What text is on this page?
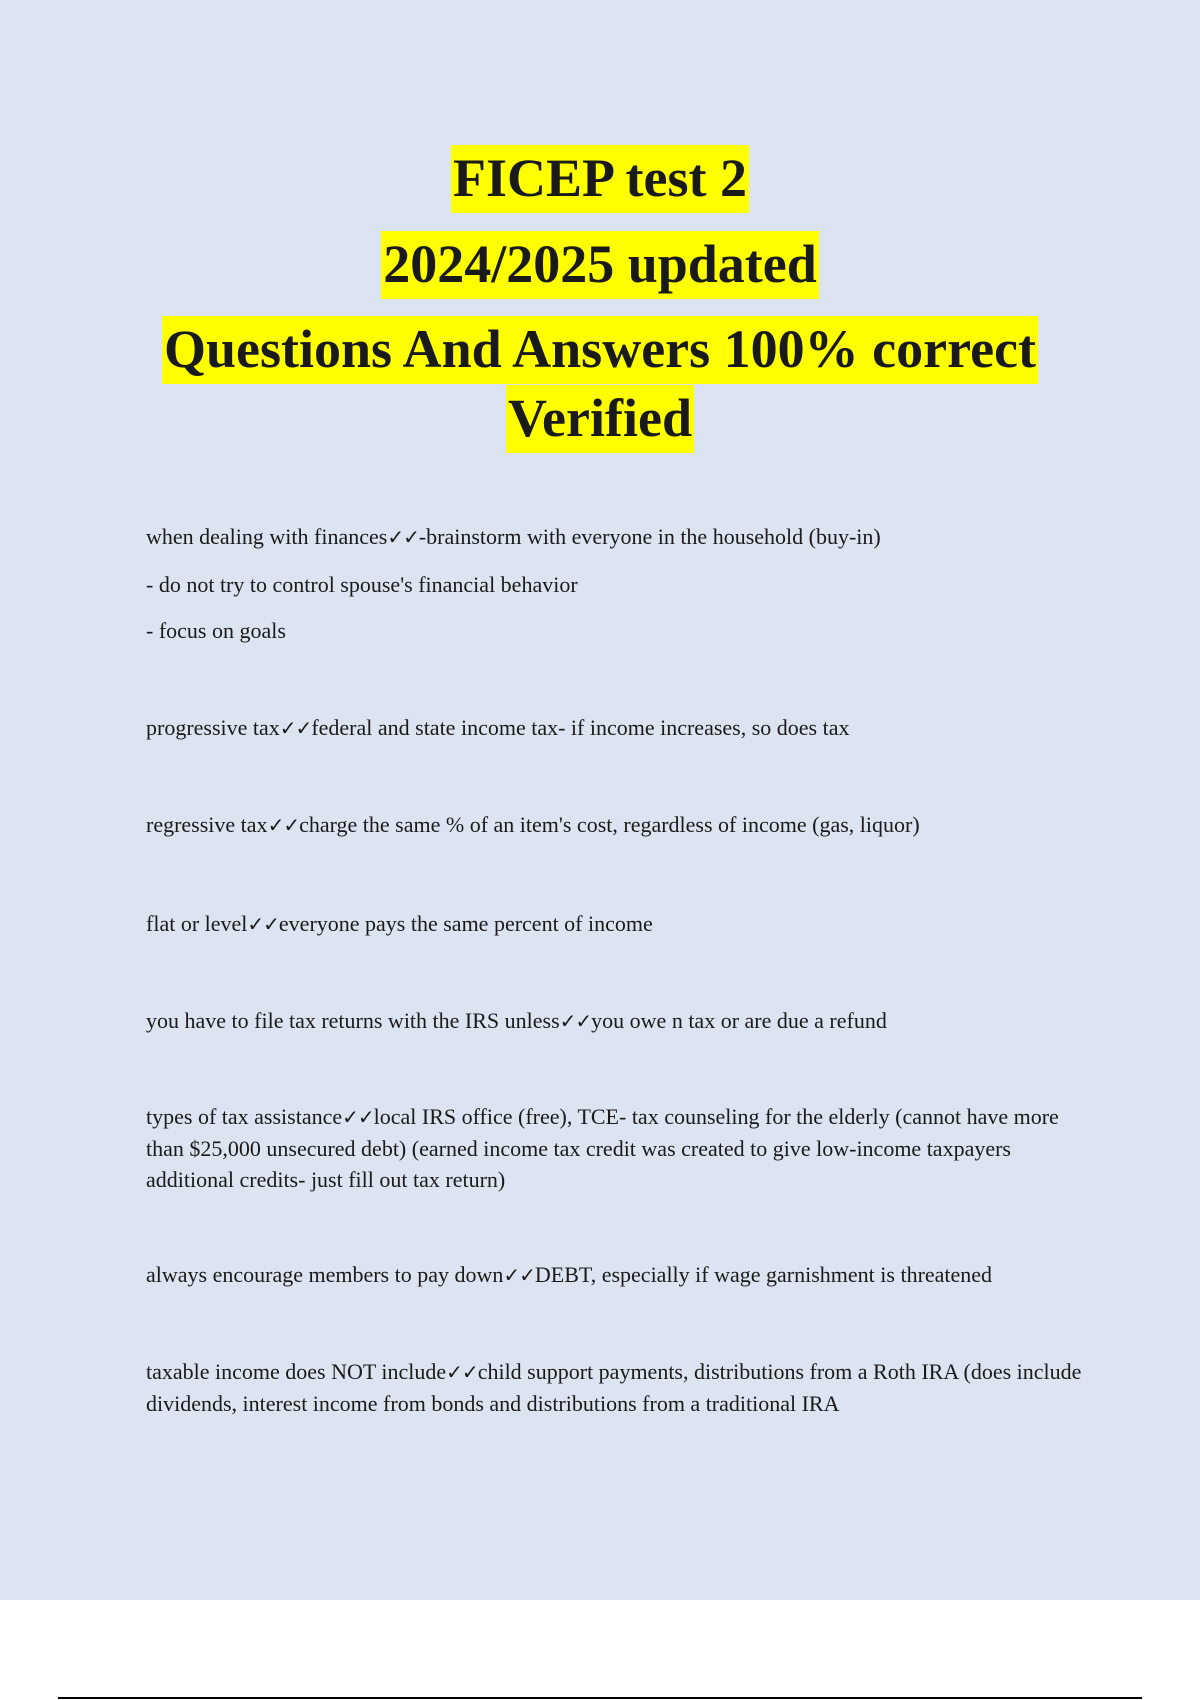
FICEP test 2
2024/2025 updated
Questions And Answers 100% correct
Verified

when dealing with finances✓✓-brainstorm with everyone in the household (buy-in)

- do not try to control spouse's financial behavior

- focus on goals

progressive tax✓✓federal and state income tax- if income increases, so does tax

regressive tax✓✓charge the same % of an item's cost, regardless of income (gas, liquor)

flat or level✓✓everyone pays the same percent of income

you have to file tax returns with the IRS unless✓✓you owe n tax or are due a refund

types of tax assistance✓✓local IRS office (free), TCE- tax counseling for the elderly (cannot have more than $25,000 unsecured debt) (earned income tax credit was created to give low-income taxpayers additional credits- just fill out tax return)

always encourage members to pay down✓✓DEBT, especially if wage garnishment is threatened

taxable income does NOT include✓✓child support payments, distributions from a Roth IRA (does include dividends, interest income from bonds and distributions from a traditional IRA
